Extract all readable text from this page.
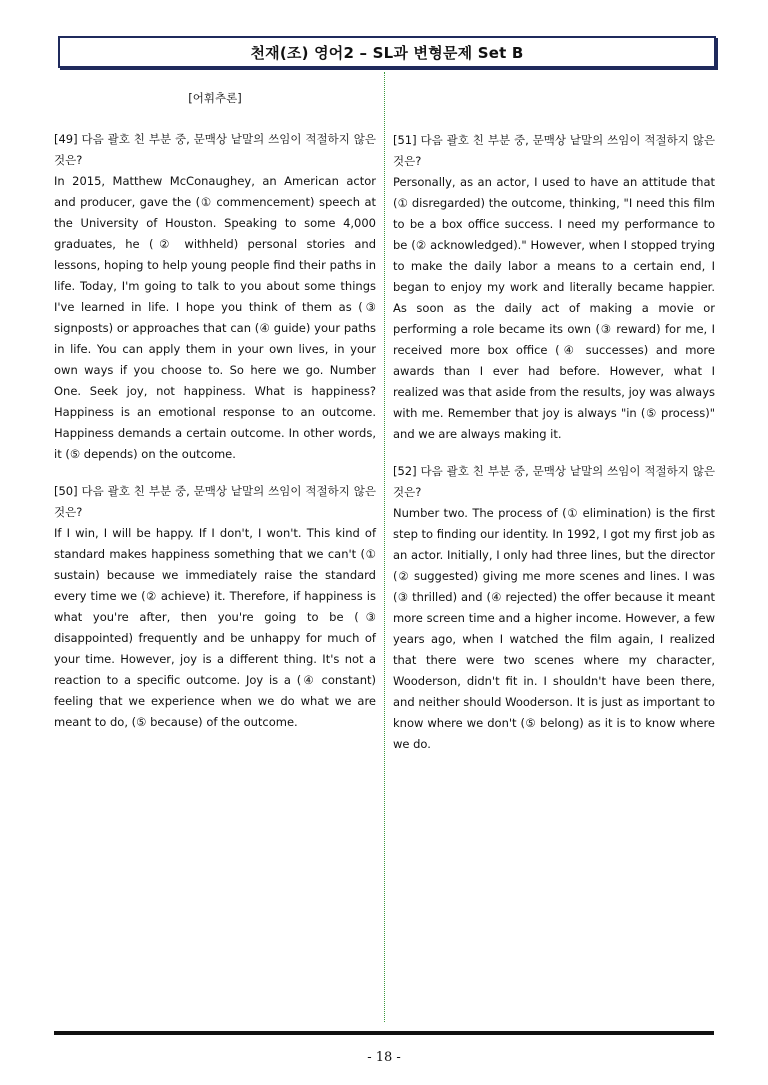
천재(조) 영어2 – SL과 변형문제 Set B
[어휘추론]

[49] 다음 괄호 친 부분 중, 문맥상 낱말의 쓰임이 적절하지 않은 것은?

In 2015, Matthew McConaughey, an American actor and producer, gave the (① commencement) speech at the University of Houston. Speaking to some 4,000 graduates, he (② withheld) personal stories and lessons, hoping to help young people find their paths in life. Today, I'm going to talk to you about some things I've learned in life. I hope you think of them as (③ signposts) or approaches that can (④ guide) your paths in life. You can apply them in your own lives, in your own ways if you choose to. So here we go. Number One. Seek joy, not happiness. What is happiness? Happiness is an emotional response to an outcome. Happiness demands a certain outcome. In other words, it (⑤ depends) on the outcome.

[50] 다음 괄호 친 부분 중, 문맥상 낱말의 쓰임이 적절하지 않은 것은?

If I win, I will be happy. If I don't, I won't. This kind of standard makes happiness something that we can't (① sustain) because we immediately raise the standard every time we (② achieve) it. Therefore, if happiness is what you're after, then you're going to be (③ disappointed) frequently and be unhappy for much of your time. However, joy is a different thing. It's not a reaction to a specific outcome. Joy is a (④ constant) feeling that we experience when we do what we are meant to do, (⑤ because) of the outcome.

[51] 다음 괄호 친 부분 중, 문맥상 낱말의 쓰임이 적절하지 않은 것은?

Personally, as an actor, I used to have an attitude that (① disregarded) the outcome, thinking, "I need this film to be a box office success. I need my performance to be (② acknowledged)." However, when I stopped trying to make the daily labor a means to a certain end, I began to enjoy my work and literally became happier. As soon as the daily act of making a movie or performing a role became its own (③ reward) for me, I received more box office (④ successes) and more awards than I ever had before. However, what I realized was that aside from the results, joy was always with me. Remember that joy is always "in (⑤ process)" and we are always making it.

[52] 다음 괄호 친 부분 중, 문맥상 낱말의 쓰임이 적절하지 않은 것은?

Number two. The process of (① elimination) is the first step to finding our identity. In 1992, I got my first job as an actor. Initially, I only had three lines, but the director (② suggested) giving me more scenes and lines. I was (③ thrilled) and (④ rejected) the offer because it meant more screen time and a higher income. However, a few years ago, when I watched the film again, I realized that there were two scenes where my character, Wooderson, didn't fit in. I shouldn't have been there, and neither should Wooderson. It is just as important to know where we don't (⑤ belong) as it is to know where we do.

- 18 -
